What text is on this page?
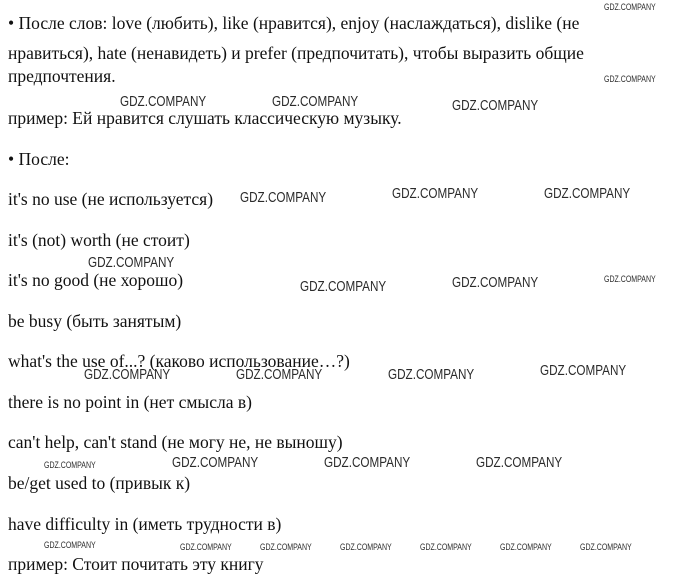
• После слов: love (любить), like (нравится), enjoy (наслаждаться), dislike (не
нравиться), hate (ненавидеть) и prefer (предпочитать), чтобы выразить общие
предпочтения.
пример: Ей нравится слушать классическую музыку.
• После:
it's no use (не используется)
it's (not) worth (не стоит)
it's no good (не хорошо)
be busy (быть занятым)
what's the use of...? (каково использование…?)
there is no point in (нет смысла в)
can't help, can't stand (не могу не, не выношу)
be/get used to (привык к)
have difficulty in (иметь трудности в)
пример: Стоит почитать эту книгу
GDZ.COMPANY	GDZ.COMPANY	GDZ.COMPANY
GDZ.COMPANY	GDZ.COMPANY	GDZ.COMPANY
GDZ.COMPANY
GDZ.COMPANY	GDZ.COMPANY
GDZ.COMPANY	GDZ.COMPANY	GDZ.COMPANY	GDZ.COMPANY
GDZ.COMPANY	GDZ.COMPANY	GDZ.COMPANY
GDZ.COMPANY
GDZ.COMPANY
GDZ.COMPANY
GDZ.COMPANY
GDZ.COMPANY	GDZ.COMPANY	GDZ.COMPANY	GDZ.COMPANY	GDZ.COMPANY	GDZ.COMPANY	GDZ.COMPANY
